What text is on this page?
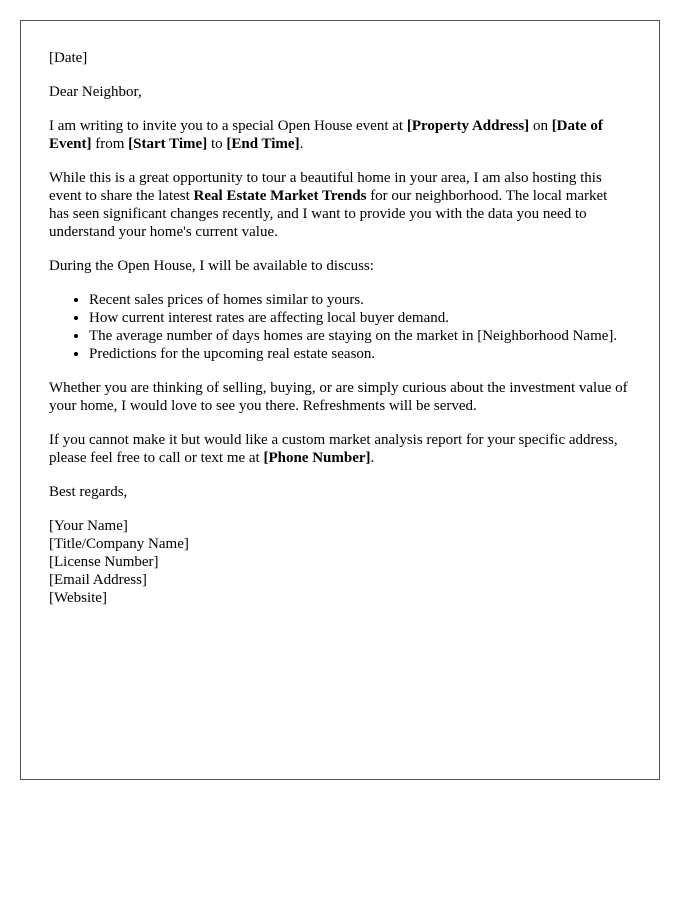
[Date]

Dear Neighbor,

I am writing to invite you to a special Open House event at [Property Address] on [Date of Event] from [Start Time] to [End Time].

While this is a great opportunity to tour a beautiful home in your area, I am also hosting this event to share the latest Real Estate Market Trends for our neighborhood. The local market has seen significant changes recently, and I want to provide you with the data you need to understand your home's current value.

During the Open House, I will be available to discuss:

• Recent sales prices of homes similar to yours.
• How current interest rates are affecting local buyer demand.
• The average number of days homes are staying on the market in [Neighborhood Name].
• Predictions for the upcoming real estate season.

Whether you are thinking of selling, buying, or are simply curious about the investment value of your home, I would love to see you there. Refreshments will be served.

If you cannot make it but would like a custom market analysis report for your specific address, please feel free to call or text me at [Phone Number].

Best regards,

[Your Name]
[Title/Company Name]
[License Number]
[Email Address]
[Website]
